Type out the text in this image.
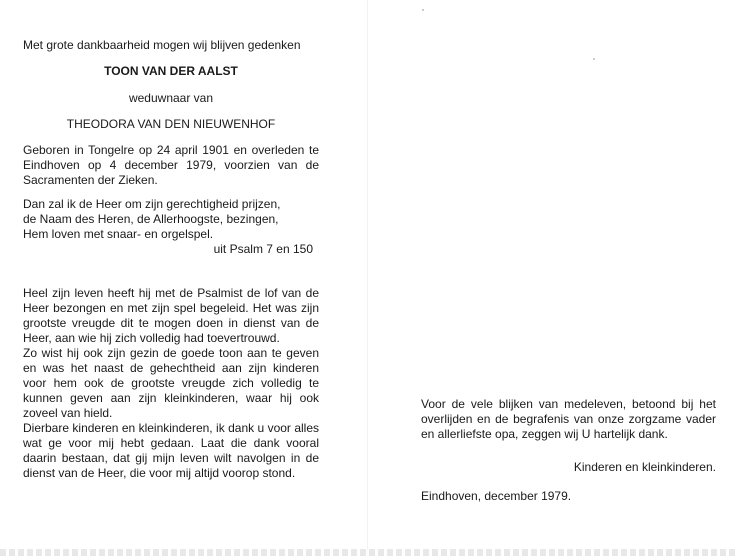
Met grote dankbaarheid mogen wij blijven gedenken

TOON VAN DER AALST

weduwnaar van

THEODORA VAN DEN NIEUWENHOF

Geboren in Tongelre op 24 april 1901 en overleden te Eindhoven op 4 december 1979, voorzien van de Sacramenten der Zieken.

Dan zal ik de Heer om zijn gerechtigheid prijzen,

de Naam des Heren, de Allerhoogste, bezingen,

Hem loven met snaar- en orgelspel.

uit Psalm 7 en 150

Heel zijn leven heeft hij met de Psalmist de lof van de Heer bezongen en met zijn spel begeleid. Het was zijn grootste vreugde dit te mogen doen in dienst van de Heer, aan wie hij zich volledig had toevertrouwd.

Zo wist hij ook zijn gezin de goede toon aan te geven en was het naast de gehechtheid aan zijn kinderen voor hem ook de grootste vreugde zich volledig te kunnen geven aan zijn kleinkinderen, waar hij ook zoveel van hield.

Dierbare kinderen en kleinkinderen, ik dank u voor alles wat ge voor mij hebt gedaan. Laat die dank vooral daarin bestaan, dat gij mijn leven wilt navolgen in de dienst van de Heer, die voor mij altijd voorop stond.

Voor de vele blijken van medeleven, betoond bij het overlijden en de begrafenis van onze zorgzame vader en allerliefste opa, zeggen wij U hartelijk dank.

Kinderen en kleinkinderen.

Eindhoven, december 1979.
